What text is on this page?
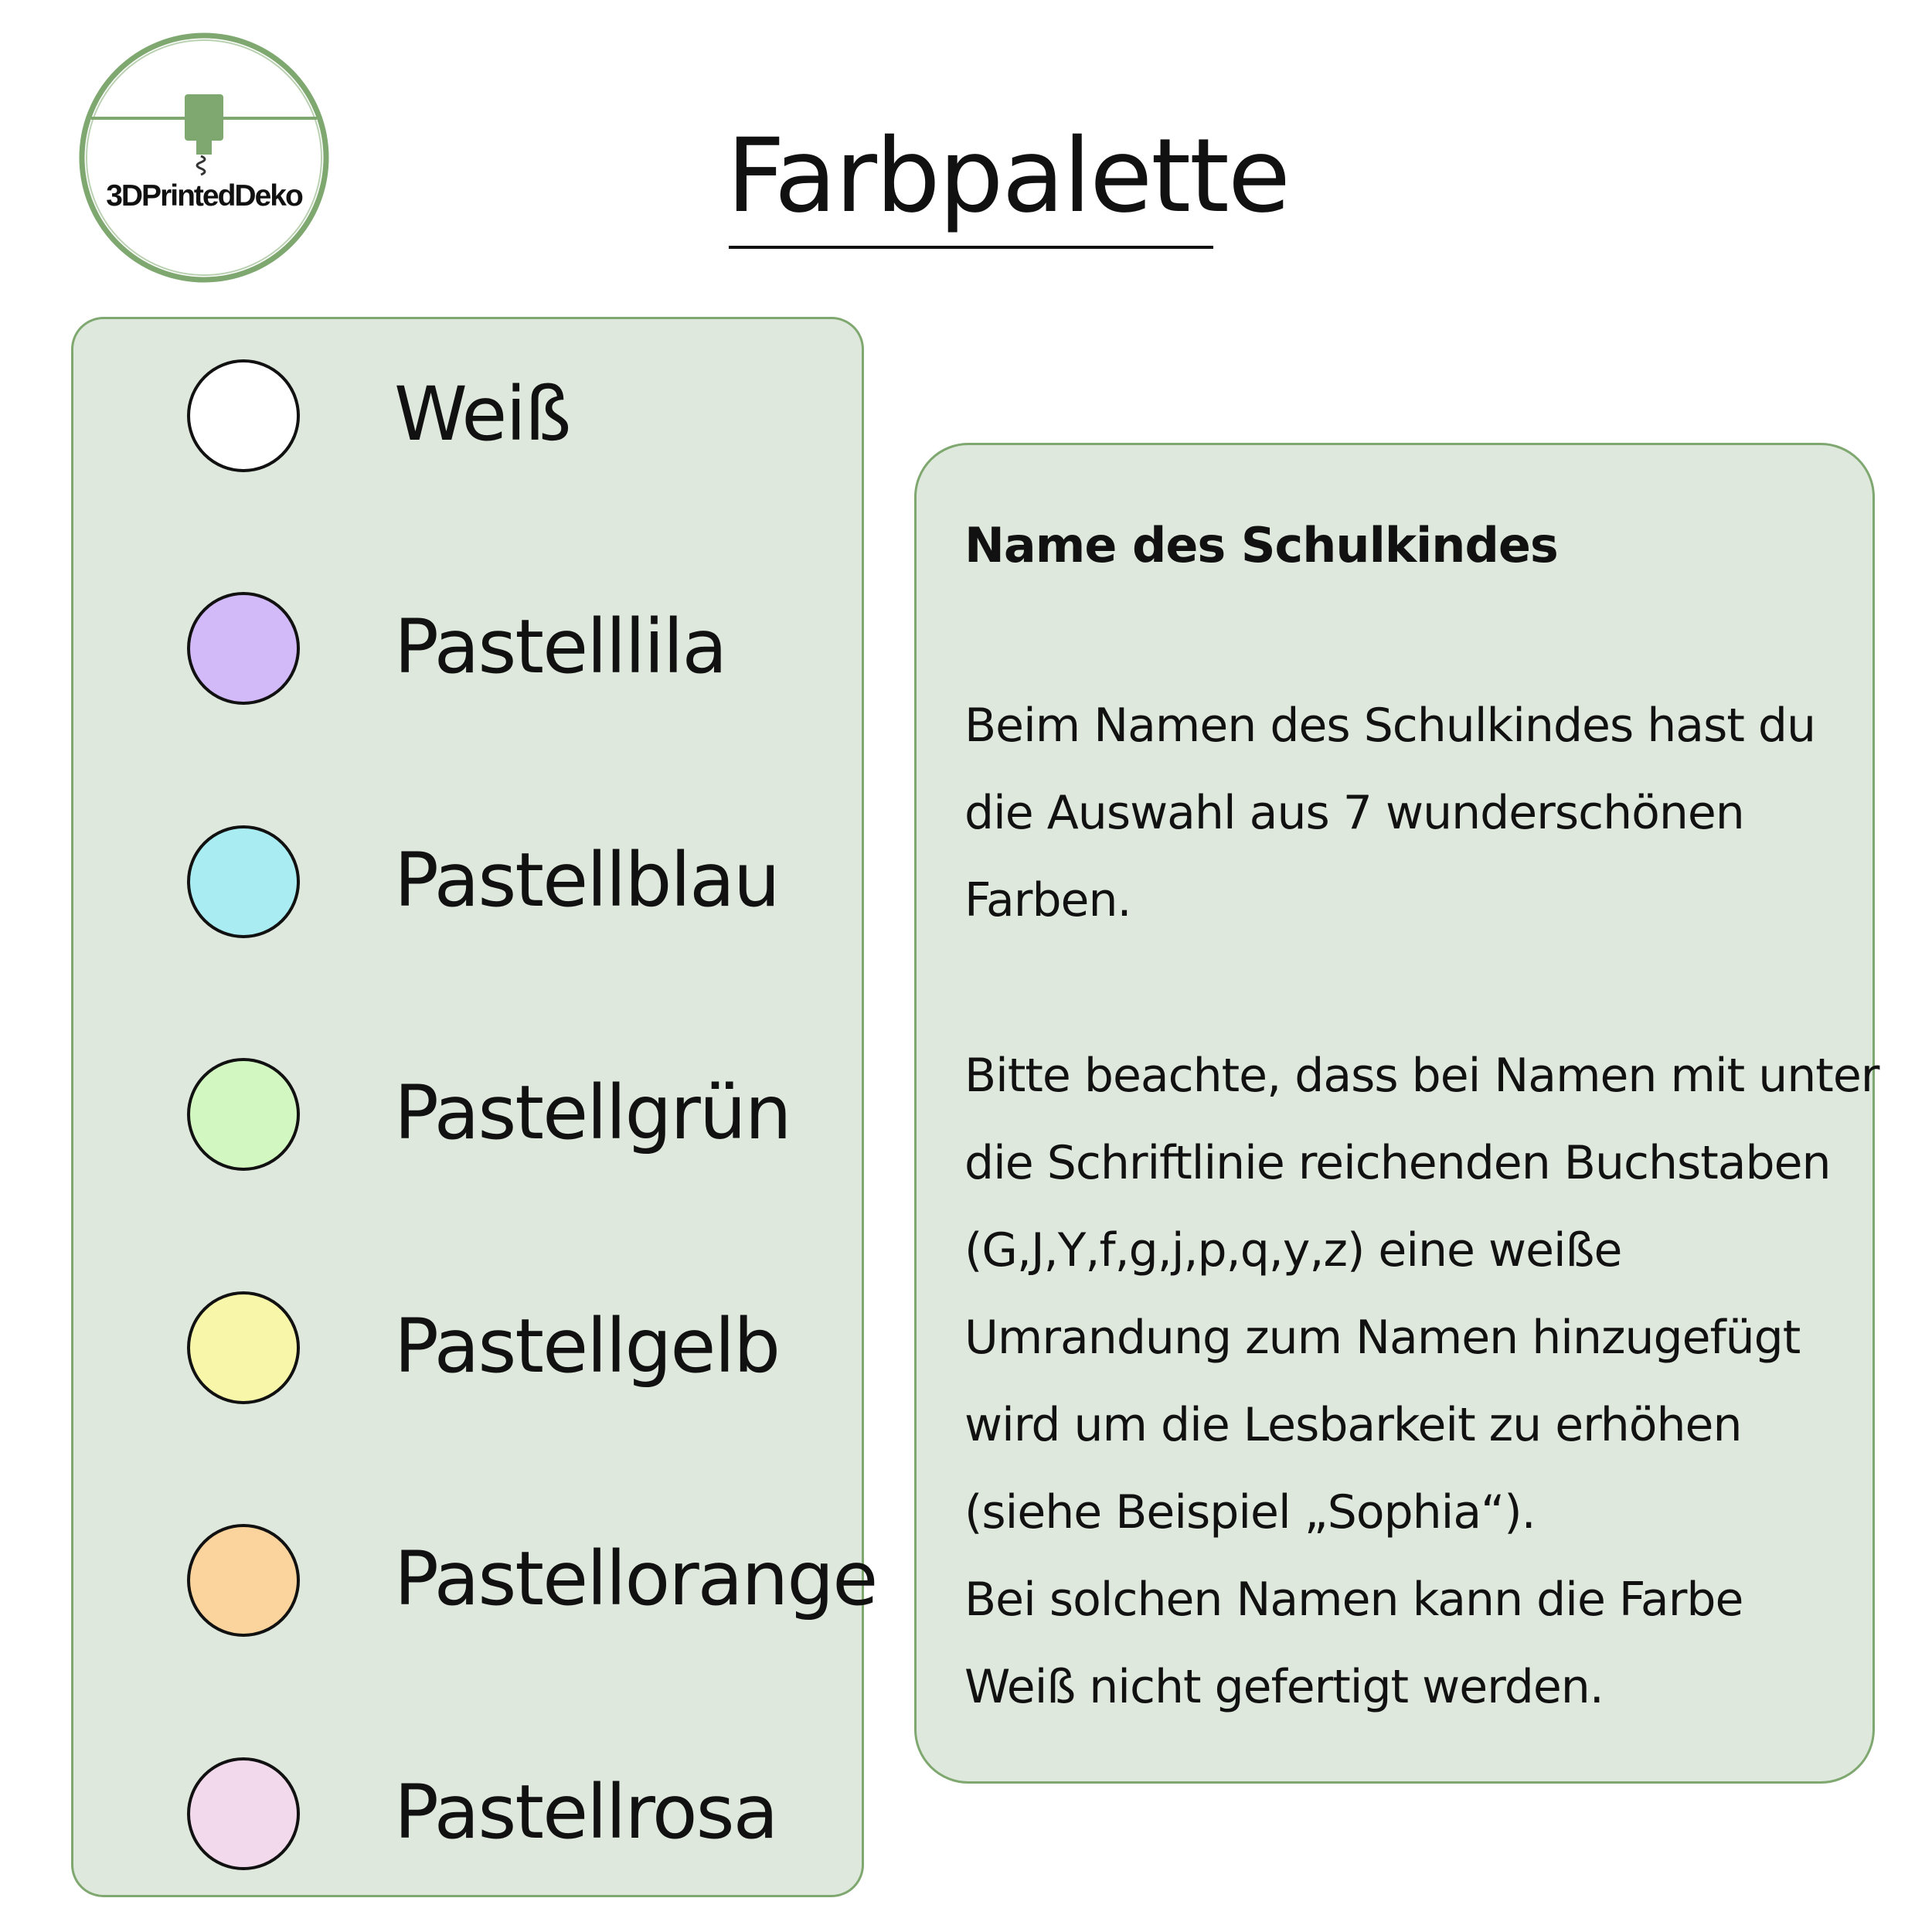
3DPrintedDeko	Farbpalette
Weiß
Pastelllila
Pastellblau
Pastellgrün
Pastellgelb
Pastellorange
Pastellrosa
Name des Schulkindes

Beim Namen des Schulkindes hast du
die Auswahl aus 7 wunderschönen
Farben.

Bitte beachte, dass bei Namen mit unter
die Schriftlinie reichenden Buchstaben
(G,J,Y,f,g,j,p,q,y,z) eine weiße
Umrandung zum Namen hinzugefügt
wird um die Lesbarkeit zu erhöhen
(siehe Beispiel „Sophia“).
Bei solchen Namen kann die Farbe
Weiß nicht gefertigt werden.
